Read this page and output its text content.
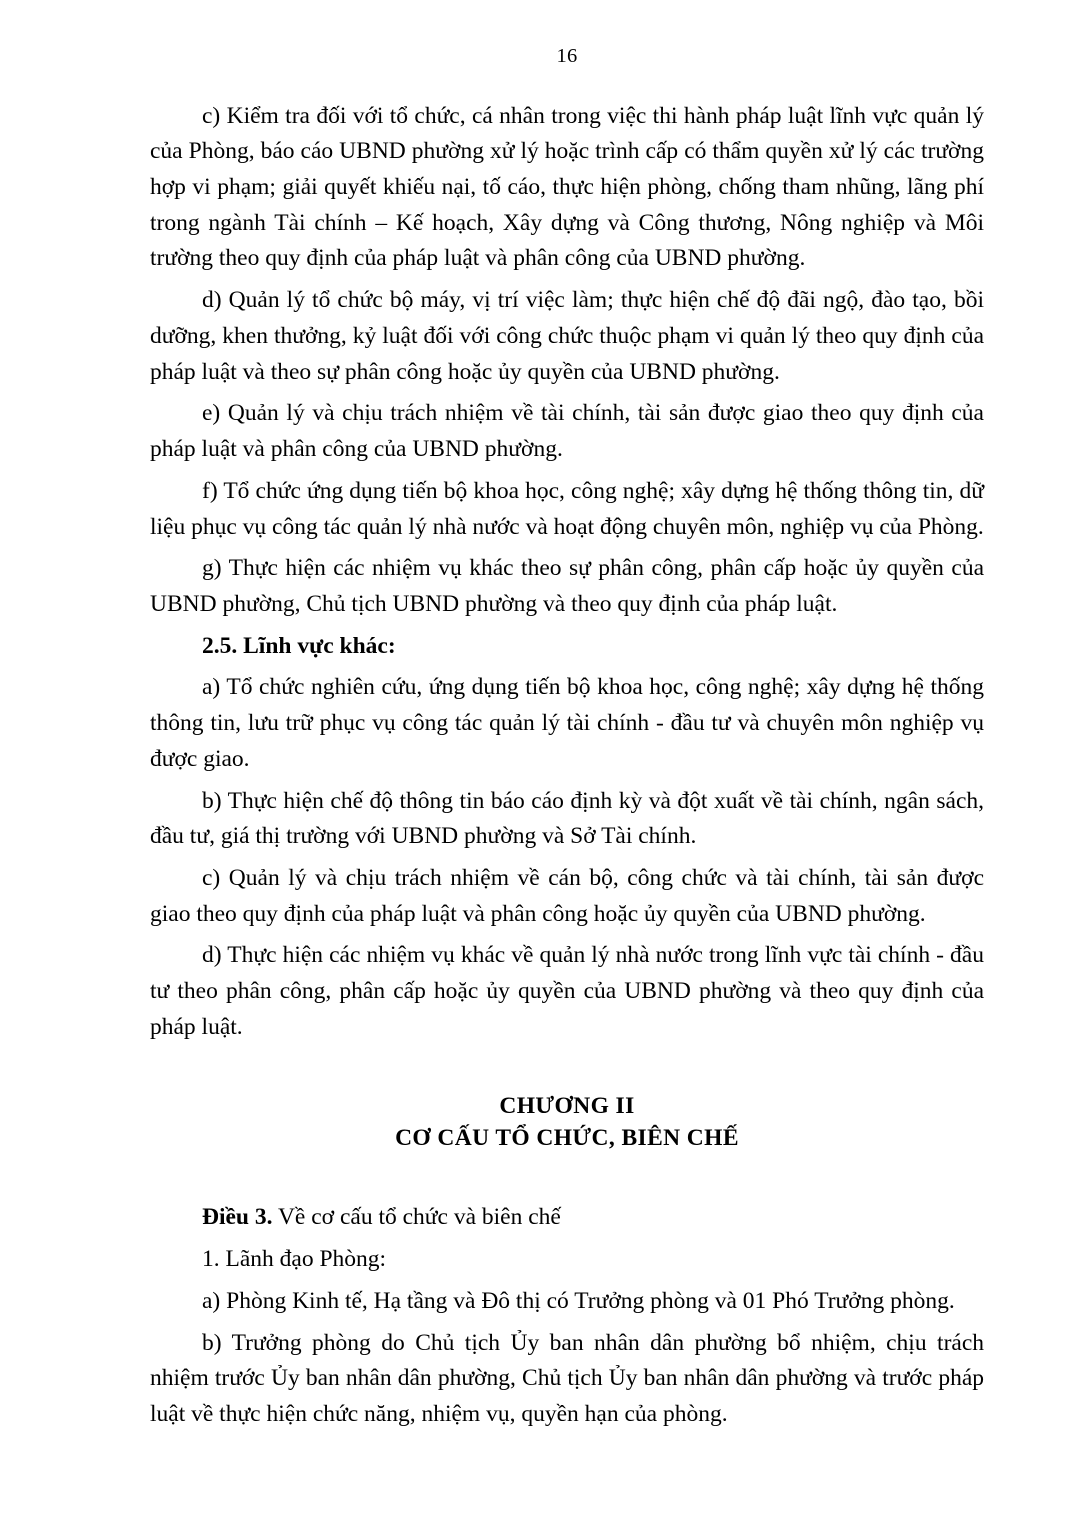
16

c) Kiểm tra đối với tổ chức, cá nhân trong việc thi hành pháp luật lĩnh vực quản lý của Phòng, báo cáo UBND phường xử lý hoặc trình cấp có thẩm quyền xử lý các trường hợp vi phạm; giải quyết khiếu nại, tố cáo, thực hiện phòng, chống tham nhũng, lãng phí trong ngành Tài chính – Kế hoạch, Xây dựng và Công thương, Nông nghiệp và Môi trường theo quy định của pháp luật và phân công của UBND phường.

d) Quản lý tổ chức bộ máy, vị trí việc làm; thực hiện chế độ đãi ngộ, đào tạo, bồi dưỡng, khen thưởng, kỷ luật đối với công chức thuộc phạm vi quản lý theo quy định của pháp luật và theo sự phân công hoặc ủy quyền của UBND phường.

e) Quản lý và chịu trách nhiệm về tài chính, tài sản được giao theo quy định của pháp luật và phân công của UBND phường.

f) Tổ chức ứng dụng tiến bộ khoa học, công nghệ; xây dựng hệ thống thông tin, dữ liệu phục vụ công tác quản lý nhà nước và hoạt động chuyên môn, nghiệp vụ của Phòng.

g) Thực hiện các nhiệm vụ khác theo sự phân công, phân cấp hoặc ủy quyền của UBND phường, Chủ tịch UBND phường và theo quy định của pháp luật.

2.5. Lĩnh vực khác:

a) Tổ chức nghiên cứu, ứng dụng tiến bộ khoa học, công nghệ; xây dựng hệ thống thông tin, lưu trữ phục vụ công tác quản lý tài chính - đầu tư và chuyên môn nghiệp vụ được giao.

b) Thực hiện chế độ thông tin báo cáo định kỳ và đột xuất về tài chính, ngân sách, đầu tư, giá thị trường với UBND phường và Sở Tài chính.

c) Quản lý và chịu trách nhiệm về cán bộ, công chức và tài chính, tài sản được giao theo quy định của pháp luật và phân công hoặc ủy quyền của UBND phường.

d) Thực hiện các nhiệm vụ khác về quản lý nhà nước trong lĩnh vực tài chính - đầu tư theo phân công, phân cấp hoặc ủy quyền của UBND phường và theo quy định của pháp luật.

CHƯƠNG II
CƠ CẤU TỔ CHỨC, BIÊN CHẾ

Điều 3. Về cơ cấu tổ chức và biên chế

1. Lãnh đạo Phòng:

a) Phòng Kinh tế, Hạ tầng và Đô thị có Trưởng phòng và 01 Phó Trưởng phòng.

b) Trưởng phòng do Chủ tịch Ủy ban nhân dân phường bổ nhiệm, chịu trách nhiệm trước Ủy ban nhân dân phường, Chủ tịch Ủy ban nhân dân phường và trước pháp luật về thực hiện chức năng, nhiệm vụ, quyền hạn của phòng.
